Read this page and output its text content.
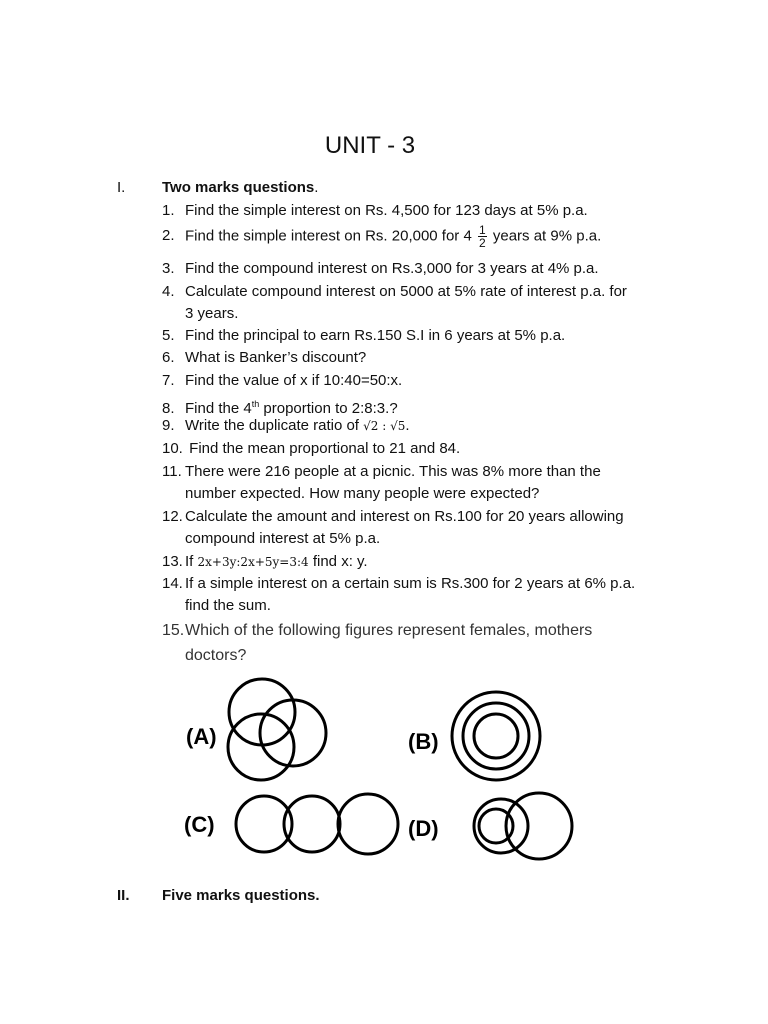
UNIT - 3
I. Two marks questions.
1. Find the simple interest on Rs. 4,500 for 123 days at 5% p.a.
2. Find the simple interest on Rs. 20,000 for $4 \frac{1}{2}$ years at 9% p.a.
3. Find the compound interest on Rs.3,000 for 3 years at 4% p.a.
4. Calculate compound interest on 5000 at 5% rate of interest p.a. for
3 years.
5. Find the principal to earn Rs.150 S.I in 6 years at 5% p.a.
6. What is Banker’s discount?
7. Find the value of x if 10:40=50:x.
8. Find the 4th proportion to 2:8:3.?
9. Write the duplicate ratio of √2 : √5.
10. Find the mean proportional to 21 and 84.
11. There were 216 people at a picnic. This was 8% more than the
number expected. How many people were expected?
12. Calculate the amount and interest on Rs.100 for 20 years allowing
compound interest at 5% p.a.
13. If 2x+3y:2x+5y=3:4 find x: y.
14. If a simple interest on a certain sum is Rs.300 for 2 years at 6% p.a.
find the sum.
15.Which of the following figures represent females, mothers
doctors?
(A)	(B)
(C)	(D)
II. Five marks questions.
